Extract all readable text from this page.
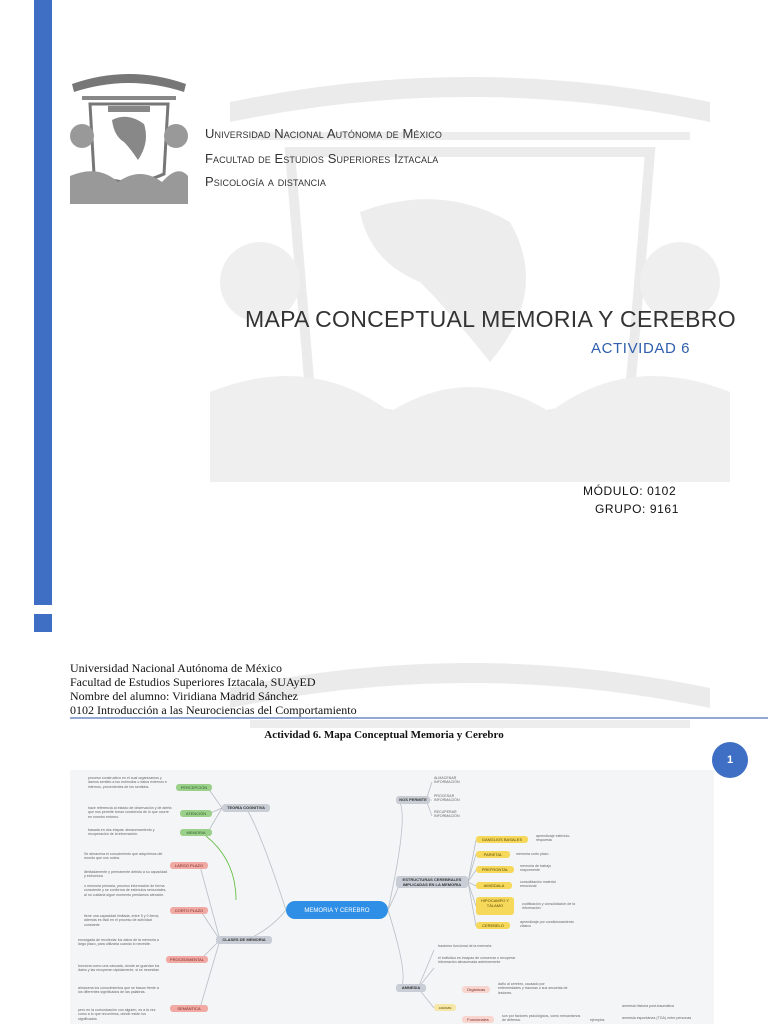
Universidad Nacional Autónoma de México
Facultad de Estudios Superiores Iztacala
Psicología a distancia
MAPA CONCEPTUAL MEMORIA Y CEREBRO
ACTIVIDAD 6
MÓDULO: 0102
GRUPO: 9161
Universidad Nacional Autónoma de México
Facultad de Estudios Superiores Iztacala, SUAyED
Nombre del alumno: Viridiana Madrid Sánchez
0102 Introducción a las Neurociencias del Comportamiento
Actividad 6. Mapa Conceptual Memoria y Cerebro
1
MEMORIA Y CEREBRO
TEORÍA COGNITIVA
PERCEPCIÓN
ATENCIÓN
MEMORIA
CLASES DE MEMORIA
LARGO PLAZO
CORTO PLAZO
PROCEDIMENTAL
SEMÁNTICA
proceso constructivo en el cual organizamos y damos sentido a los estímulos o datos externos e internos, provenientes de los sentidos.
hace referencia al estado de observación y de alerta que nos permite tomar conciencia de lo que ocurre en nuestro entorno.
basada en dos etapas: almacenamiento y recuperación de la información.
Se almacena el conocimiento que adquirimos del mundo que nos rodea.
ilimitadamente y permanente debido a su capacidad y estructura
o memoria primaria, proceso información de forma consciente y se conforma de estímulos sensoriales, al no cuidarla sigue momento prestamos atención.
tiene una capacidad limitada, entre 5 y 9 ítems, además es fácil en el proceso de actividad constante
encargada de recolectar los datos de la memoria a largo plazo, para utilizarla cuando lo necesite.
funciona como una cascada, donde se guardan los datos y las recuperan rápidamente, si se necesitan
almacena los conocimientos que se basan frente a los diferentes significados de las palabras.
pero en la comunicación con alguien, es a la vez como a lo que recurrimos, donde están los significados
NOS PERMITE
ALMACENAR INFORMACIÓN
PROCESAR INFORMACIÓN
RECUPERAR INFORMACIÓN
ESTRUCTURAS CEREBRALES IMPLICADAS EN LA MEMORIA
GANGLIOS BASALES
aprendizaje estímulo-respuesta
PARIETAL	memoria corto plazo
PREFRONTAL
memoria de trabajo mayormente
AMIGDALA
consolidación material emocional
HIPOCAMPO Y TÁLAMO	codificación y consolidación de la información
CEREBELO
aprendizaje por condicionamiento clásico
AMNESIA
trastorno funcional de la memoria
el individuo es incapaz de conservar o recuperar información almacenada anteriormente
causas
Orgánicas
daño al cerebro, causado por enfermedades y traumas o sus secuelas de lesiones.
Funcionales
son por factores psicológicos, como mecanismos de defensa.	ejemplos
amnesia historia post-traumática
amnesia espontánea (TGA) entre personas
